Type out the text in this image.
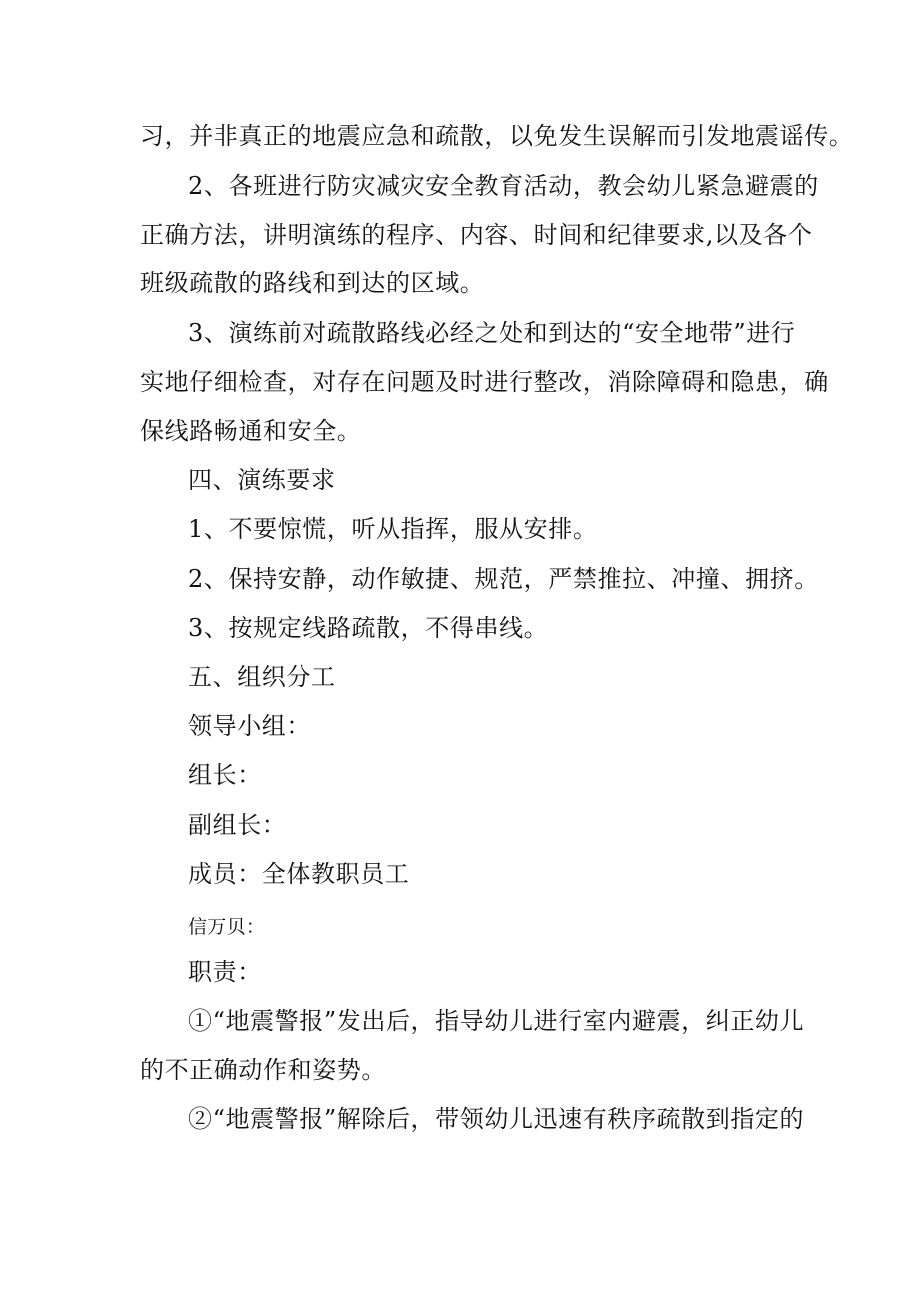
习，并非真正的地震应急和疏散，以免发生误解而引发地震谣传。
2、各班进行防灾减灾安全教育活动，教会幼儿紧急避震的
正确方法，讲明演练的程序、内容、时间和纪律要求,以及各个
班级疏散的路线和到达的区域。
3、演练前对疏散路线必经之处和到达的“安全地带”进行
实地仔细检查，对存在问题及时进行整改，消除障碍和隐患，确
保线路畅通和安全。
四、演练要求
1、不要惊慌，听从指挥，服从安排。
2、保持安静，动作敏捷、规范，严禁推拉、冲撞、拥挤。
3、按规定线路疏散，不得串线。
五、组织分工
领导小组：
组长：
副组长：
成员：全体教职员工
信万贝：
职责：
①“地震警报”发出后，指导幼儿进行室内避震，纠正幼儿
的不正确动作和姿势。
②“地震警报”解除后，带领幼儿迅速有秩序疏散到指定的
